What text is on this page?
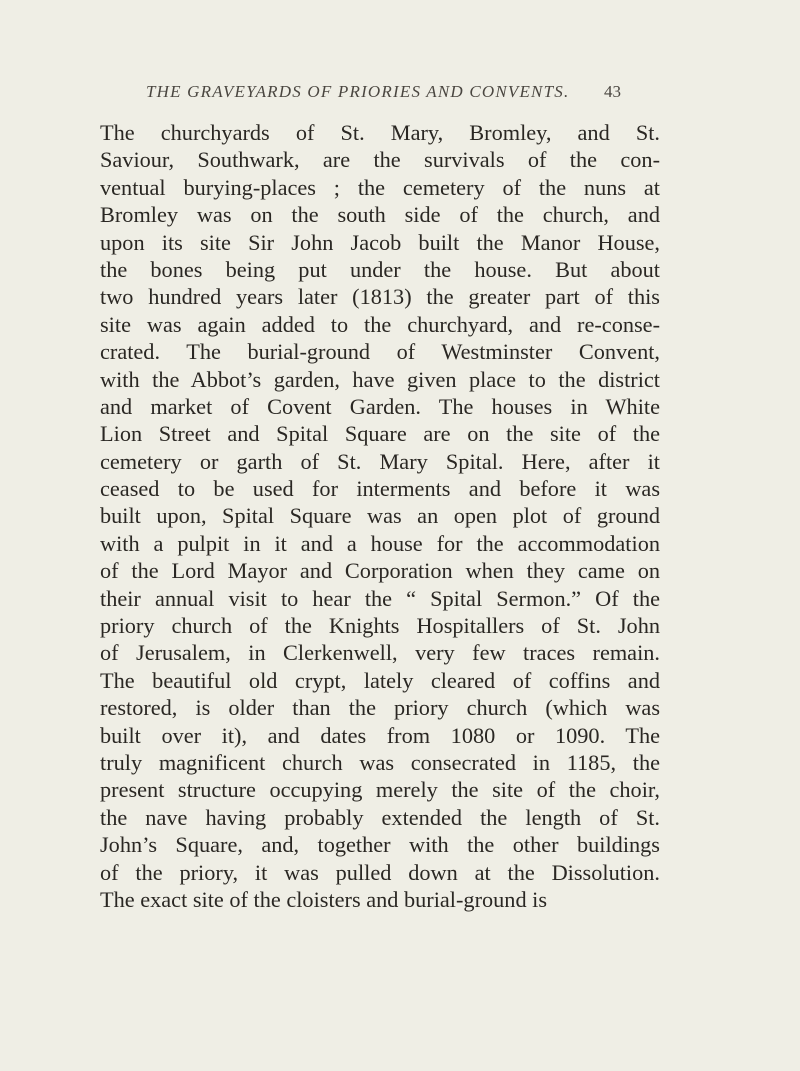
THE GRAVEYARDS OF PRIORIES AND CONVENTS.	43
The churchyards of St. Mary, Bromley, and St.
Saviour, Southwark, are the survivals of the con-
ventual burying-places ; the cemetery of the nuns at
Bromley was on the south side of the church, and
upon its site Sir John Jacob built the Manor House,
the bones being put under the house. But about
two hundred years later (1813) the greater part of this
site was again added to the churchyard, and re-conse-
crated. The burial-ground of Westminster Convent,
with the Abbot’s garden, have given place to the district
and market of Covent Garden. The houses in White
Lion Street and Spital Square are on the site of the
cemetery or garth of St. Mary Spital. Here, after it
ceased to be used for interments and before it was
built upon, Spital Square was an open plot of ground
with a pulpit in it and a house for the accommodation
of the Lord Mayor and Corporation when they came on
their annual visit to hear the “ Spital Sermon.” Of the
priory church of the Knights Hospitallers of St. John
of Jerusalem, in Clerkenwell, very few traces remain.
The beautiful old crypt, lately cleared of coffins and
restored, is older than the priory church (which was
built over it), and dates from 1080 or 1090. The
truly magnificent church was consecrated in 1185, the
present structure occupying merely the site of the choir,
the nave having probably extended the length of St.
John’s Square, and, together with the other buildings
of the priory, it was pulled down at the Dissolution.
The exact site of the cloisters and burial-ground is
